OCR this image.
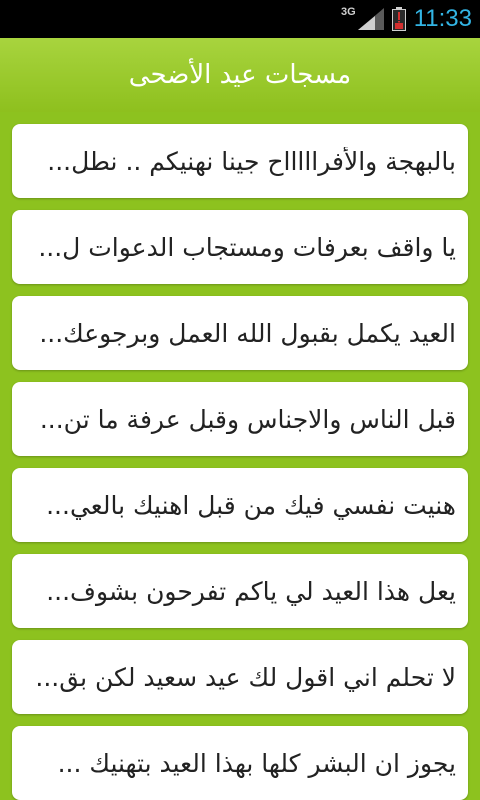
3G 11:33
مسجات عيد الأضحى
بالبهجة والأفراااااح جينا نهنيكم .. نطل...
يا واقف بعرفات ومستجاب الدعوات ل...
العيد يكمل بقبول الله العمل وبرجوعك...
قبل الناس والاجناس وقبل عرفة ما تن...
هنيت نفسي فيك من قبل اهنيك بالعي...
يعل هذا العيد لي ياكم تفرحون بشوف...
لا تحلم اني اقول لك عيد سعيد لكن بق...
يجوز ان البشر كلها بهذا العيد بتهنيك ...
